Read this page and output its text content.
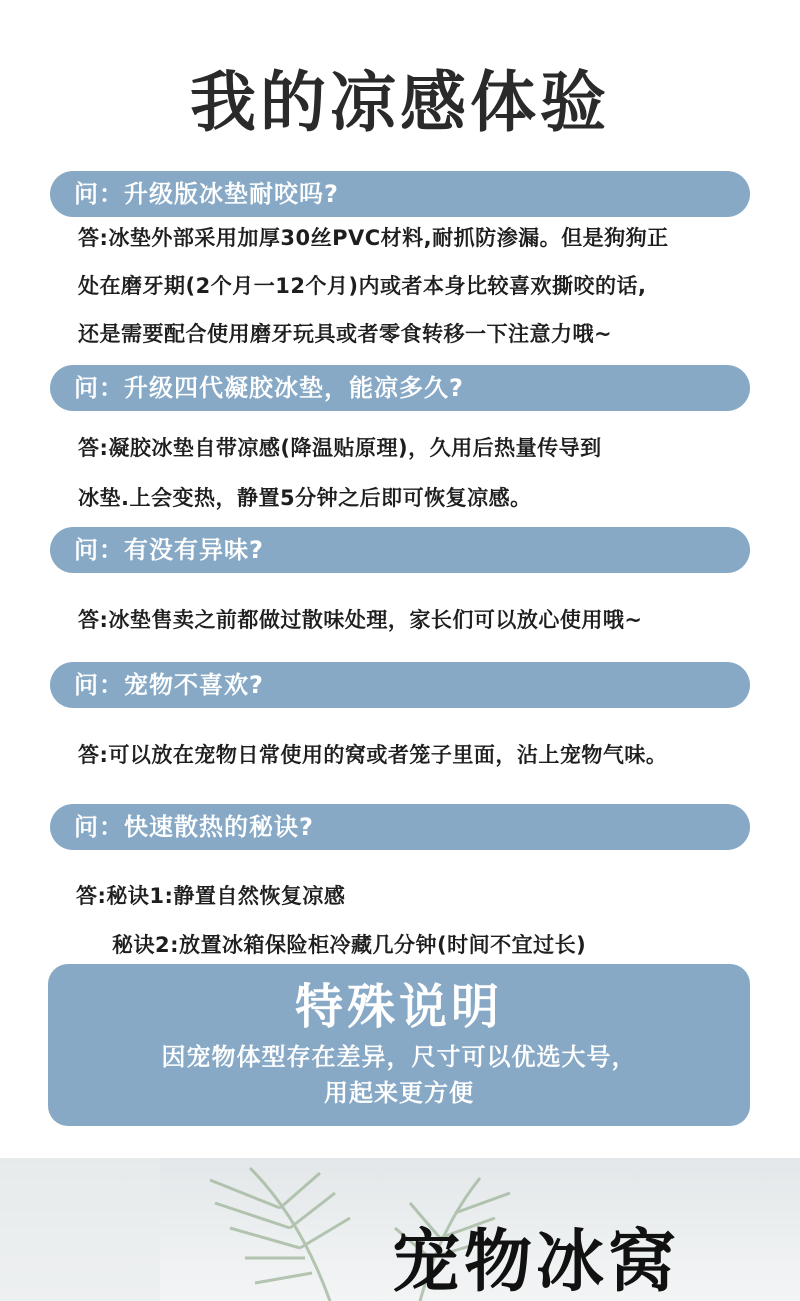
我的凉感体验
问：升级版冰垫耐咬吗?
答:冰垫外部采用加厚30丝PVC材料,耐抓防渗漏。但是狗狗正
处在磨牙期(2个月一12个月)内或者本身比较喜欢撕咬的话,
还是需要配合使用磨牙玩具或者零食转移一下注意力哦~
问：升级四代凝胶冰垫，能凉多久?
答:凝胶冰垫自带凉感(降温贴原理)，久用后热量传导到
冰垫.上会变热，静置5分钟之后即可恢复凉感。
问：有没有异味?
答:冰垫售卖之前都做过散味处理，家长们可以放心使用哦~
问：宠物不喜欢?
答:可以放在宠物日常使用的窝或者笼子里面，沾上宠物气味。
问：快速散热的秘诀?
答:秘诀1:静置自然恢复凉感
秘诀2:放置冰箱保险柜冷藏几分钟(时间不宜过长)
特殊说明
因宠物体型存在差异，尺寸可以优选大号，
用起来更方便
宠物冰窝
